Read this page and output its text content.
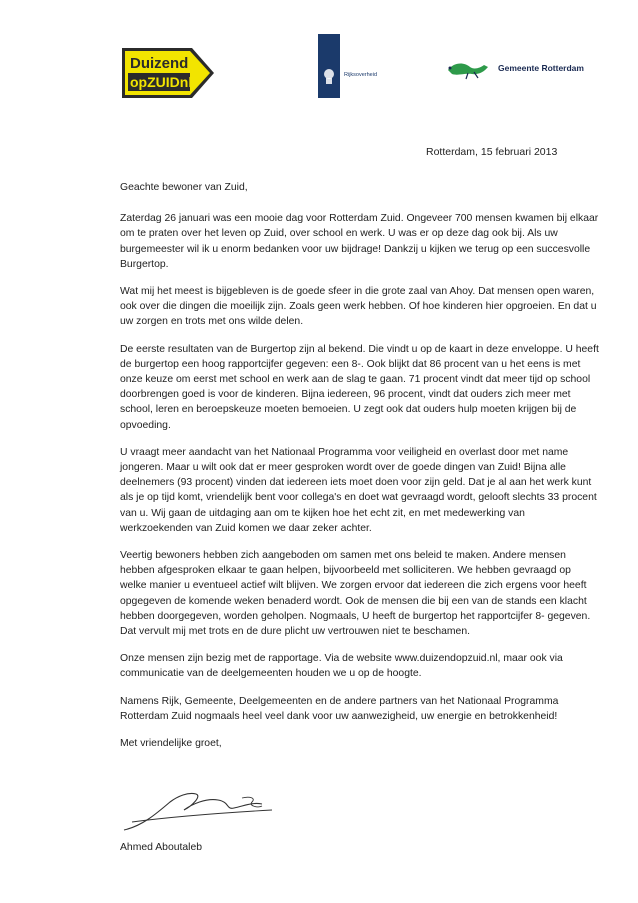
Duizend
opZUIDnl	Rijksoverheid
Gemeente Rotterdam
Rotterdam, 15 februari 2013

Geachte bewoner van Zuid,

Zaterdag 26 januari was een mooie dag voor Rotterdam Zuid. Ongeveer 700 mensen kwamen bij elkaar om te praten over het leven op Zuid, over school en werk. U was er op deze dag ook bij. Als uw burgemeester wil ik u enorm bedanken voor uw bijdrage! Dankzij u kijken we terug op een succesvolle Burgertop.

Wat mij het meest is bijgebleven is de goede sfeer in die grote zaal van Ahoy. Dat mensen open waren, ook over die dingen die moeilijk zijn. Zoals geen werk hebben. Of hoe kinderen hier opgroeien. En dat u uw zorgen en trots met ons wilde delen.

De eerste resultaten van de Burgertop zijn al bekend. Die vindt u op de kaart in deze enveloppe. U heeft de burgertop een hoog rapportcijfer gegeven: een 8-. Ook blijkt dat 86 procent van u het eens is met onze keuze om eerst met school en werk aan de slag te gaan. 71 procent vindt dat meer tijd op school doorbrengen goed is voor de kinderen. Bijna iedereen, 96 procent, vindt dat ouders zich meer met school, leren en beroepskeuze moeten bemoeien. U zegt ook dat ouders hulp moeten krijgen bij de opvoeding.

U vraagt meer aandacht van het Nationaal Programma voor veiligheid en overlast door met name jongeren. Maar u wilt ook dat er meer gesproken wordt over de goede dingen van Zuid! Bijna alle deelnemers (93 procent) vinden dat iedereen iets moet doen voor zijn geld. Dat je al aan het werk kunt als je op tijd komt, vriendelijk bent voor collega's en doet wat gevraagd wordt, gelooft slechts 33 procent van u. Wij gaan de uitdaging aan om te kijken hoe het echt zit, en met medewerking van werkzoekenden van Zuid komen we daar zeker achter.

Veertig bewoners hebben zich aangeboden om samen met ons beleid te maken. Andere mensen hebben afgesproken elkaar te gaan helpen, bijvoorbeeld met solliciteren. We hebben gevraagd op welke manier u eventueel actief wilt blijven. We zorgen ervoor dat iedereen die zich ergens voor heeft opgegeven de komende weken benaderd wordt. Ook de mensen die bij een van de stands een klacht hebben doorgegeven, worden geholpen. Nogmaals, U heeft de burgertop het rapportcijfer 8- gegeven. Dat vervult mij met trots en de dure plicht uw vertrouwen niet te beschamen.

Onze mensen zijn bezig met de rapportage. Via de website www.duizendopzuid.nl, maar ook via communicatie van de deelgemeenten houden we u op de hoogte.

Namens Rijk, Gemeente, Deelgemeenten en de andere partners van het Nationaal Programma Rotterdam Zuid nogmaals heel veel dank voor uw aanwezigheid, uw energie en betrokkenheid!

Met vriendelijke groet,

Ahmed Aboutaleb
